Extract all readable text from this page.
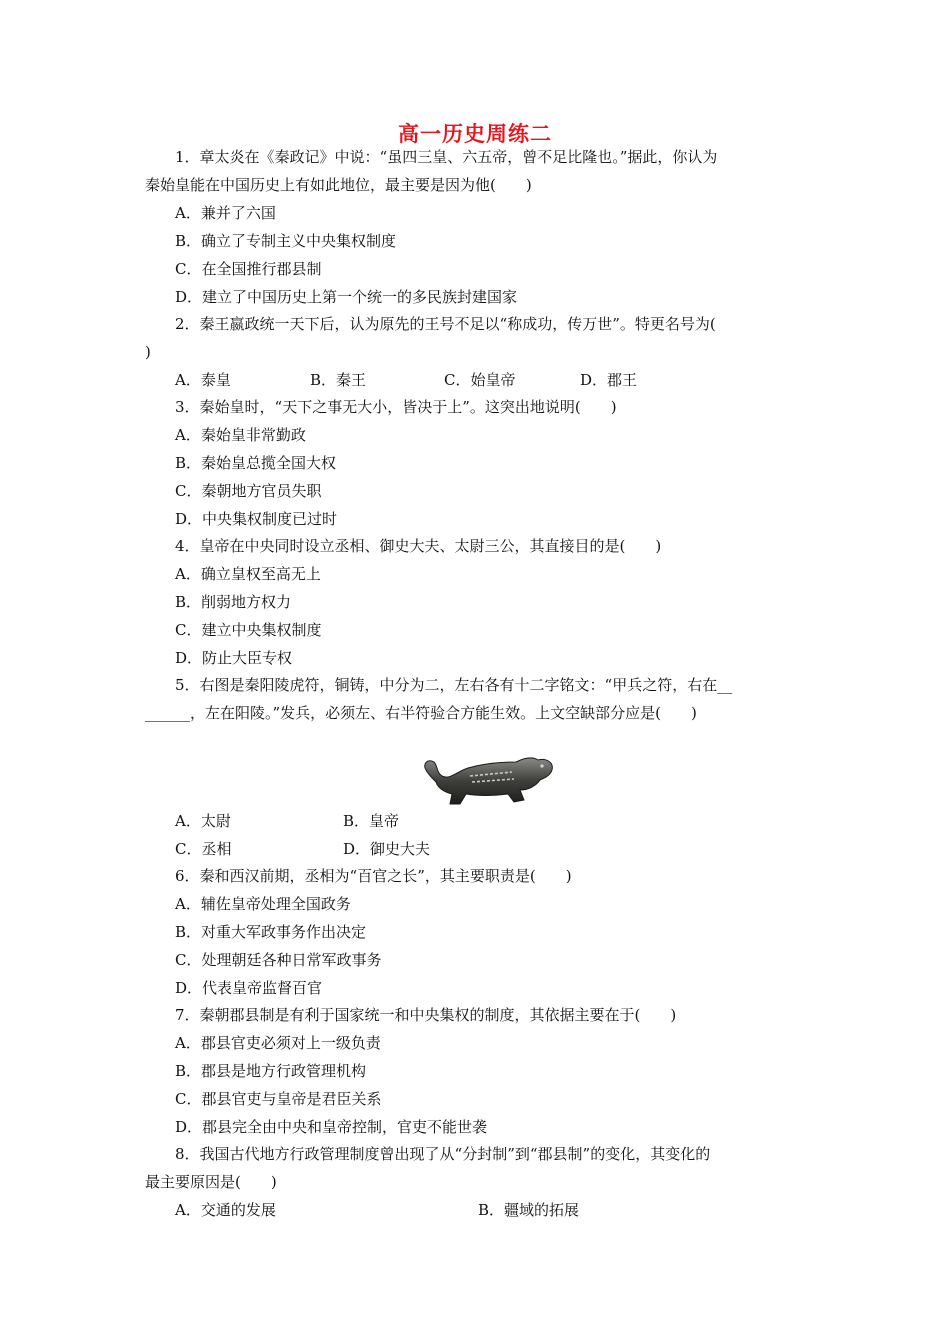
高一历史周练二
1．章太炎在《秦政记》中说：“虽四三皇、六五帝，曾不足比隆也。”据此，你认为
秦始皇能在中国历史上有如此地位，最主要是因为他(　　)
A．兼并了六国
B．确立了专制主义中央集权制度
C．在全国推行郡县制
D．建立了中国历史上第一个统一的多民族封建国家
2．秦王嬴政统一天下后，认为原先的王号不足以“称成功，传万世”。特更名号为(
)
A．泰皇	B．秦王	C．始皇帝	D．郡王
3．秦始皇时，“天下之事无大小，皆决于上”。这突出地说明(　　)
A．秦始皇非常勤政
B．秦始皇总揽全国大权
C．秦朝地方官员失职
D．中央集权制度已过时
4．皇帝在中央同时设立丞相、御史大夫、太尉三公，其直接目的是(　　)
A．确立皇权至高无上
B．削弱地方权力
C．建立中央集权制度
D．防止大臣专权
5．右图是秦阳陵虎符，铜铸，中分为二，左右各有十二字铭文：“甲兵之符，右在__
______，左在阳陵。”发兵，必须左、右半符验合方能生效。上文空缺部分应是(　　)
A．太尉	B．皇帝
C．丞相	D．御史大夫
6．秦和西汉前期，丞相为“百官之长”，其主要职责是(　　)
A．辅佐皇帝处理全国政务
B．对重大军政事务作出决定
C．处理朝廷各种日常军政事务
D．代表皇帝监督百官
7．秦朝郡县制是有利于国家统一和中央集权的制度，其依据主要在于(　　)
A．郡县官吏必须对上一级负责
B．郡县是地方行政管理机构
C．郡县官吏与皇帝是君臣关系
D．郡县完全由中央和皇帝控制，官吏不能世袭
8．我国古代地方行政管理制度曾出现了从“分封制”到“郡县制”的变化，其变化的
最主要原因是(　　)
A．交通的发展	B．疆域的拓展
